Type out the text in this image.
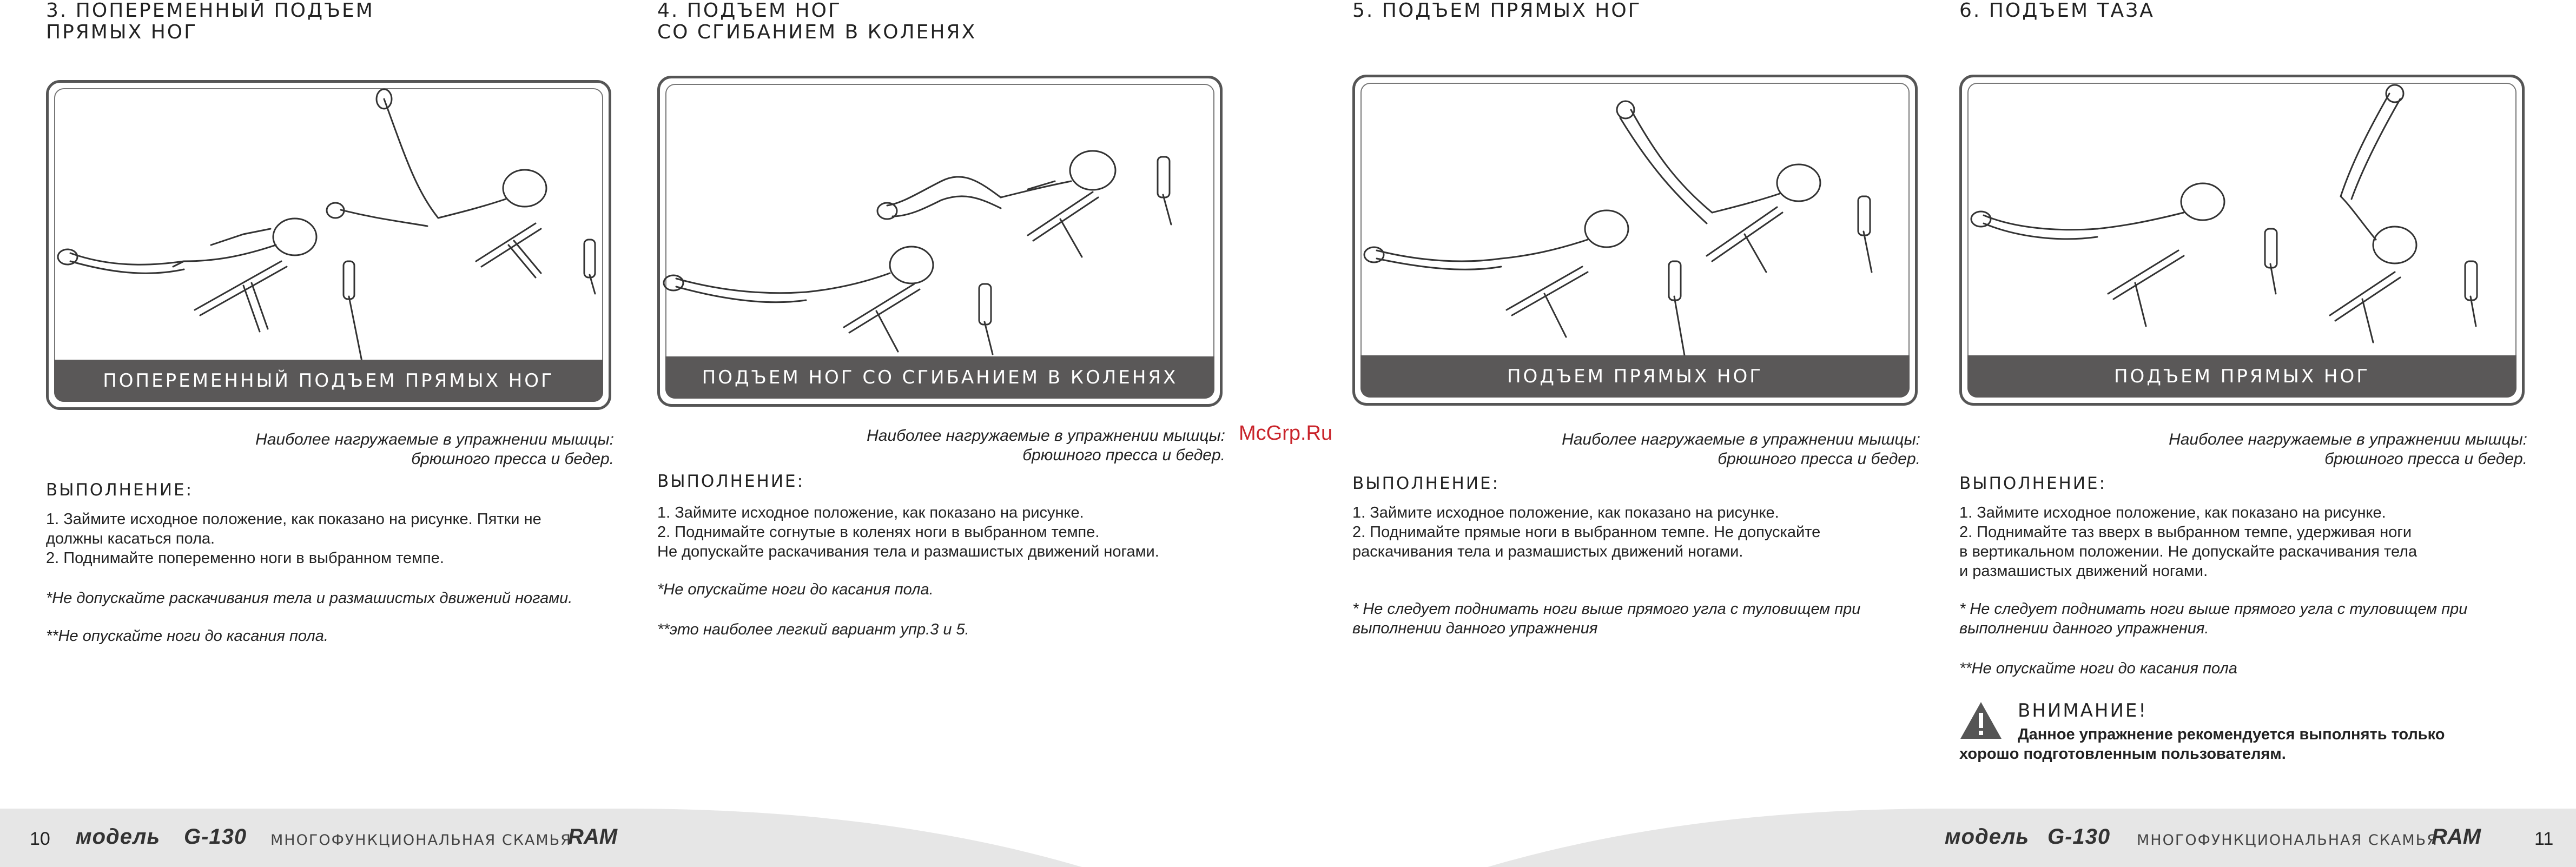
3. ПОПЕРЕМЕННЫЙ ПОДЪЕМ
ПРЯМЫХ НОГ

ПОПЕРЕМЕННЫЙ ПОДЪЕМ ПРЯМЫХ НОГ
Наиболее нагружаемые в упражнении мышцы:
брюшного пресса и бедер.
ВЫПОЛНЕНИЕ:
1. Займите исходное положение, как показано на рисунке. Пятки не
должны касаться пола.
2. Поднимайте попеременно ноги в выбранном темпе.
*Не допускайте раскачивания тела и размашистых движений ногами.
**Не опускайте ноги до касания пола.

4. ПОДЪЕМ НОГ
СО СГИБАНИЕМ В КОЛЕНЯХ

ПОДЪЕМ НОГ СО СГИБАНИЕМ В КОЛЕНЯХ
Наиболее нагружаемые в упражнении мышцы:
брюшного пресса и бедер.
ВЫПОЛНЕНИЕ:
1. Займите исходное положение, как показано на рисунке.
2. Поднимайте согнутые в коленях ноги в выбранном темпе.
Не допускайте раскачивания тела и размашистых движений ногами.
*Не опускайте ноги до касания пола.
**это наиболее легкий вариант упр.3 и 5.
McGrp.Ru

5. ПОДЪЕМ ПРЯМЫХ НОГ

ПОДЪЕМ ПРЯМЫХ НОГ
Наиболее нагружаемые в упражнении мышцы:
брюшного пресса и бедер.
ВЫПОЛНЕНИЕ:
1. Займите исходное положение, как показано на рисунке.
2. Поднимайте прямые ноги в выбранном темпе. Не допускайте
раскачивания тела и размашистых движений ногами.
* Не следует поднимать ноги выше прямого угла с туловищем при
выполнении данного упражнения

6. ПОДЪЕМ ТАЗА

ПОДЪЕМ ПРЯМЫХ НОГ
Наиболее нагружаемые в упражнении мышцы:
брюшного пресса и бедер.
ВЫПОЛНЕНИЕ:
1. Займите исходное положение, как показано на рисунке.
2. Поднимайте таз вверх в выбранном темпе, удерживая ноги
в вертикальном положении. Не допускайте раскачивания тела
и размашистых движений ногами.
* Не следует поднимать ноги выше прямого угла с туловищем при
выполнении данного упражнения.
**Не опускайте ноги до касания пола
ВНИМАНИЕ!
Данное упражнение рекомендуется выполнять только
хорошо подготовленным пользователям.
10 модель G-130 МНОГОФУНКЦИОНАЛЬНАЯ СКАМЬЯ
RAM	модель G-130 МНОГОФУНКЦИОНАЛЬНАЯ СКАМЬЯ
RAM	11
